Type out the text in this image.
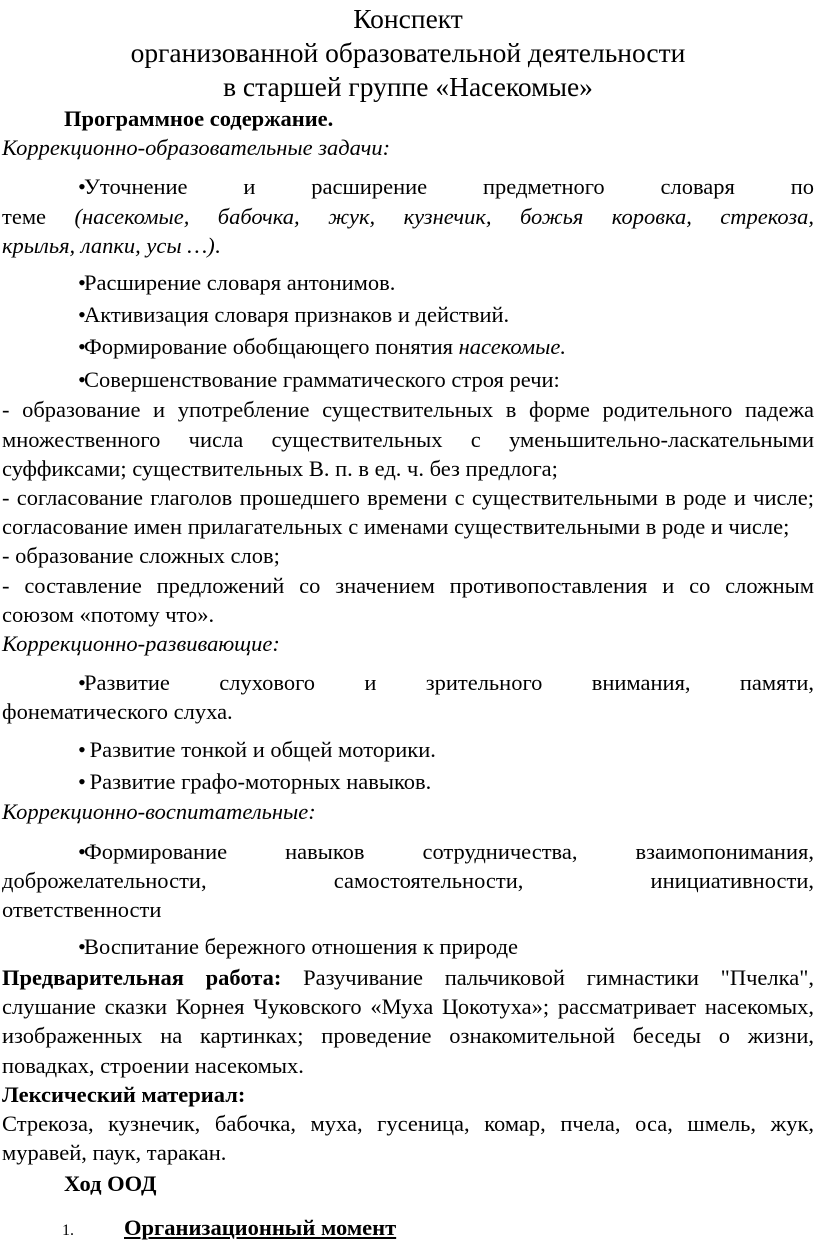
Конспект
организованной образовательной деятельности
в старшей группе «Насекомые»

Программное содержание.

Коррекционно-образовательные задачи:

•Уточнение и расширение предметного словаря по

теме (насекомые, бабочка, жук, кузнечик, божья коровка, стрекоза,

крылья, лапки, усы …).

•Расширение словаря антонимов.

•Активизация словаря признаков и действий.

•Формирование обобщающего понятия насекомые.

•Совершенствование грамматического строя речи:

- образование и употребление существительных в форме родительного падежа множественного числа существительных с уменьшительно-ласкательными суффиксами; существительных В. п. в ед. ч. без предлога;

- согласование глаголов прошедшего времени с существительными в роде и числе; согласование имен прилагательных с именами существительными в роде и числе;

- образование сложных слов;

- составление предложений со значением противопоставления и со сложным союзом «потому что».

Коррекционно-развивающие:

•Развитие слухового и зрительного внимания, памяти,

фонематического слуха.

• Развитие тонкой и общей моторики.

• Развитие графо-моторных навыков.

Коррекционно-воспитательные:

•Формирование навыков сотрудничества, взаимопонимания,

доброжелательности, самостоятельности, инициативности,

ответственности

•Воспитание бережного отношения к природе

Предварительная работа: Разучивание пальчиковой гимнастики "Пчелка", слушание сказки Корнея Чуковского «Муха Цокотуха»; рассматривает насекомых, изображенных на картинках; проведение ознакомительной беседы о жизни, повадках, строении насекомых.

Лексический материал:

Стрекоза, кузнечик, бабочка, муха, гусеница, комар, пчела, оса, шмель, жук, муравей, паук, таракан.

Ход ООД

1. Организационный момент
